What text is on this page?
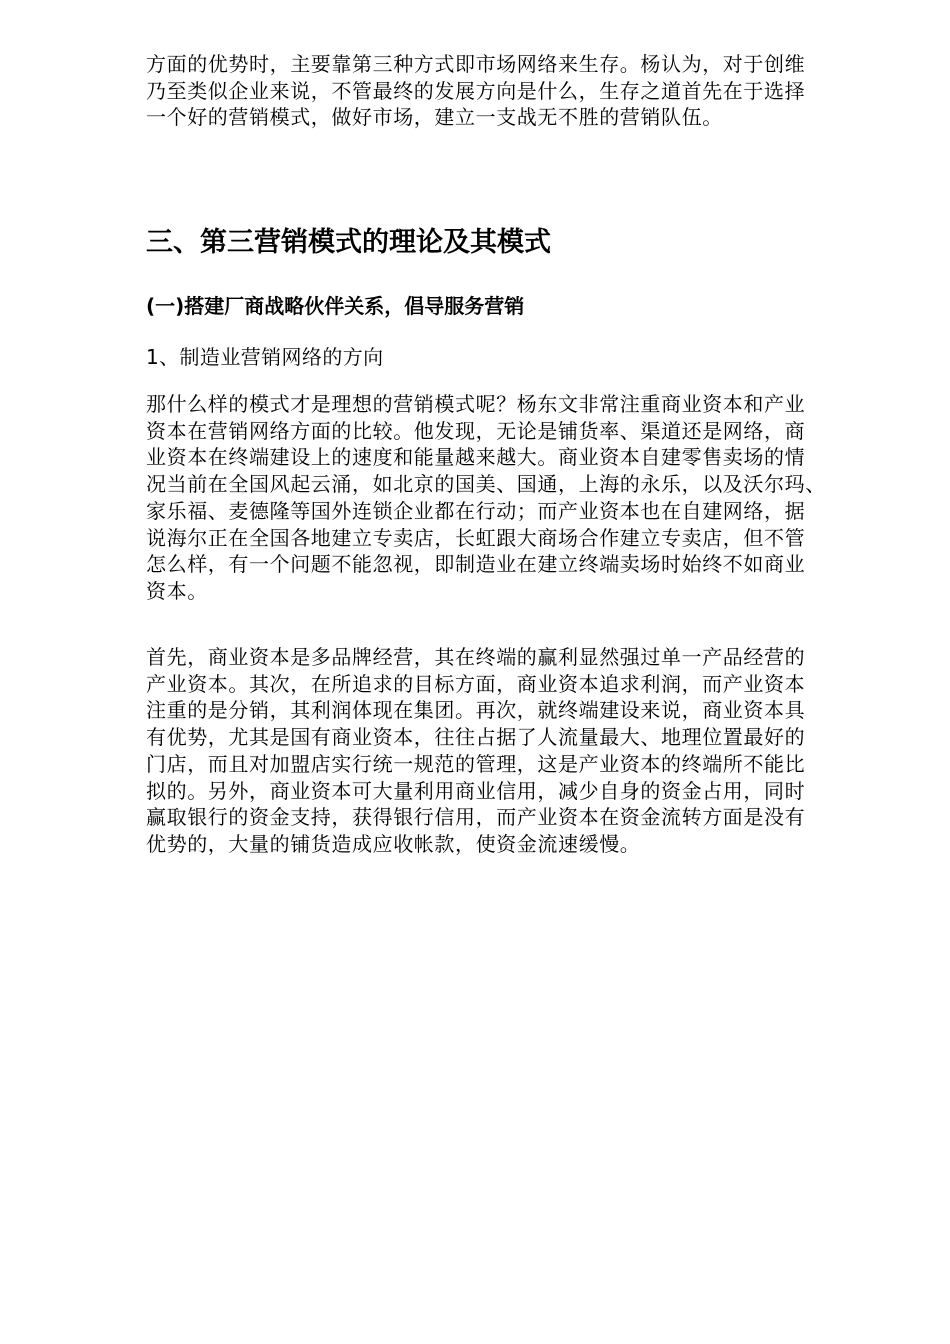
方面的优势时，主要靠第三种方式即市场网络来生存。杨认为，对于创维
乃至类似企业来说，不管最终的发展方向是什么，生存之道首先在于选择
一个好的营销模式，做好市场，建立一支战无不胜的营销队伍。

三、第三营销模式的理论及其模式
(一)搭建厂商战略伙伴关系，倡导服务营销

1、制造业营销网络的方向

那什么样的模式才是理想的营销模式呢？杨东文非常注重商业资本和产业
资本在营销网络方面的比较。他发现，无论是铺货率、渠道还是网络，商
业资本在终端建设上的速度和能量越来越大。商业资本自建零售卖场的情
况当前在全国风起云涌，如北京的国美、国通，上海的永乐，以及沃尔玛、
家乐福、麦德隆等国外连锁企业都在行动；而产业资本也在自建网络，据
说海尔正在全国各地建立专卖店，长虹跟大商场合作建立专卖店，但不管
怎么样，有一个问题不能忽视，即制造业在建立终端卖场时始终不如商业
资本。

首先，商业资本是多品牌经营，其在终端的赢利显然强过单一产品经营的
产业资本。其次，在所追求的目标方面，商业资本追求利润，而产业资本
注重的是分销，其利润体现在集团。再次，就终端建设来说，商业资本具
有优势，尤其是国有商业资本，往往占据了人流量最大、地理位置最好的
门店，而且对加盟店实行统一规范的管理，这是产业资本的终端所不能比
拟的。另外，商业资本可大量利用商业信用，减少自身的资金占用，同时
赢取银行的资金支持，获得银行信用，而产业资本在资金流转方面是没有
优势的，大量的铺货造成应收帐款，使资金流速缓慢。
